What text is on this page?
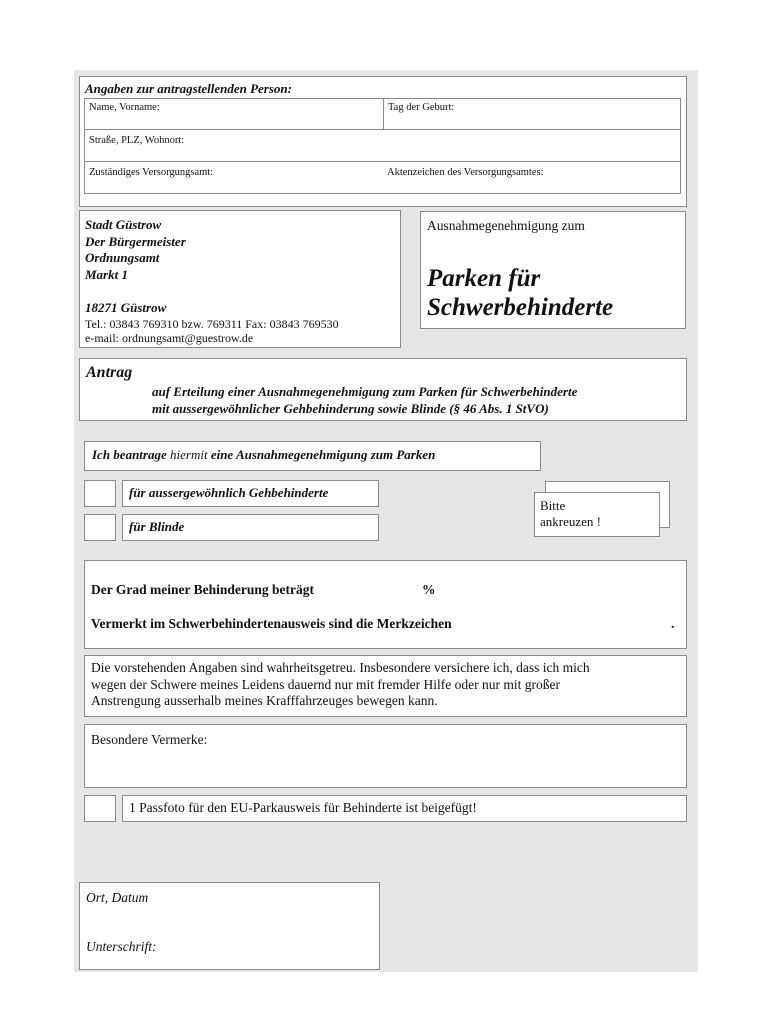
Angaben zur antragstellenden Person:
Name, Vorname:	Tag der Geburt:
Straße, PLZ, Wohnort:
Zuständiges Versorgungsamt:	Aktenzeichen des Versorgungsamtes:
Stadt Güstrow
Der Bürgermeister
Ordnungsamt
Markt 1
18271 Güstrow
Tel.: 03843 769310 bzw. 769311 Fax: 03843 769530
e-mail: ordnungsamt@guestrow.de
Ausnahmegenehmigung zum
Parken für
Schwerbehinderte
Antrag
auf Erteilung einer Ausnahmegenehmigung zum Parken für Schwerbehinderte
mit aussergewöhnlicher Gehbehinderung sowie Blinde (§ 46 Abs. 1 StVO)
Ich beantrage hiermit eine Ausnahmegenehmigung zum Parken
für aussergewöhnlich Gehbehinderte
für Blinde
Bitte
ankreuzen !
Der Grad meiner Behinderung beträgt	%
Vermerkt im Schwerbehindertenausweis sind die Merkzeichen	.
Die vorstehenden Angaben sind wahrheitsgetreu. Insbesondere versichere ich, dass ich mich
wegen der Schwere meines Leidens dauernd nur mit fremder Hilfe oder nur mit großer
Anstrengung ausserhalb meines Krafffahrzeuges bewegen kann.
Besondere Vermerke:
1 Passfoto für den EU-Parkausweis für Behinderte ist beigefügt!
Ort, Datum
Unterschrift:
